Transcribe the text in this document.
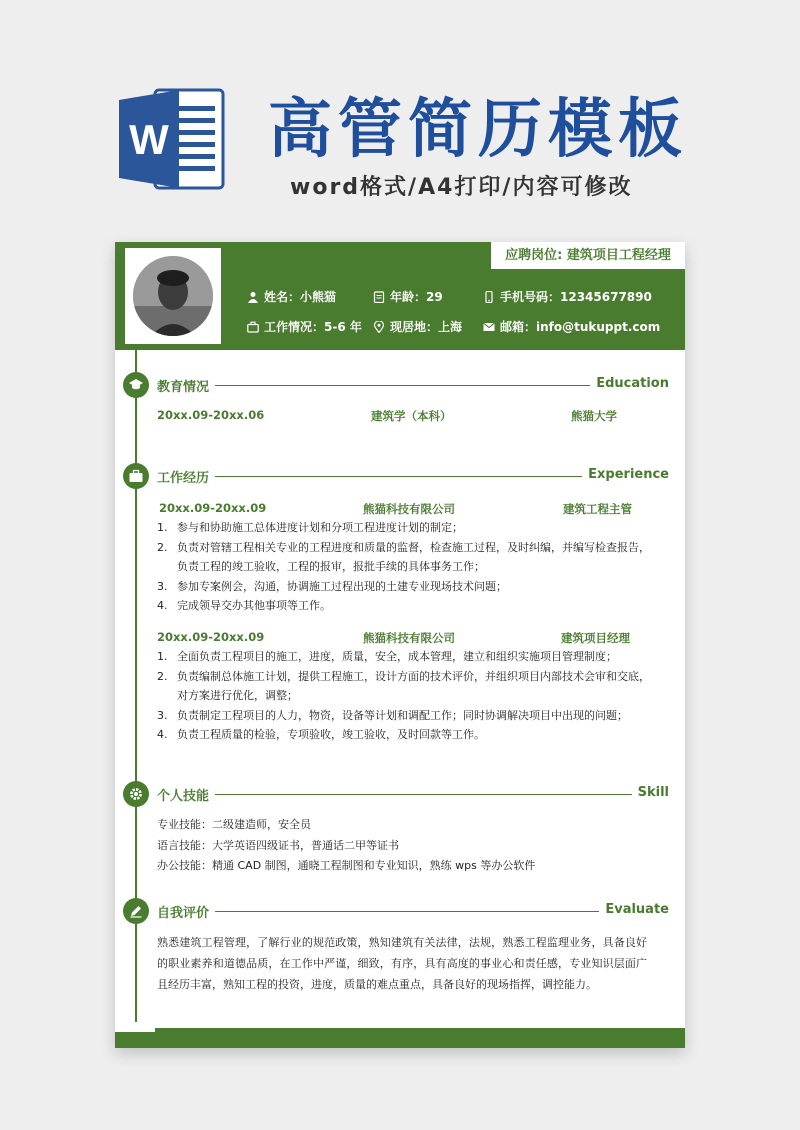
W 高管简历模板
word格式/A4打印/内容可修改
应聘岗位: 建筑项目工程经理
姓名：小熊猫	年龄：29	手机号码：12345677890
工作情况：5-6 年 现居地：上海	邮箱：info@tukuppt.com
教育情况	Education
20xx.09-20xx.06	建筑学（本科）	熊猫大学
工作经历	Experience
20xx.09-20xx.09	熊猫科技有限公司	建筑工程主管
1. 参与和协助施工总体进度计划和分项工程进度计划的制定；
2. 负责对管辖工程相关专业的工程进度和质量的监督，检查施工过程，及时纠编，并编写检查报告，负责工程的竣工验收，工程的报审，报批手续的具体事务工作；
3. 参加专案例会，沟通，协调施工过程出现的土建专业现场技术问题；
4. 完成领导交办其他事项等工作。
20xx.09-20xx.09	熊猫科技有限公司	建筑项目经理
1. 全面负责工程项目的施工，进度，质量，安全，成本管理，建立和组织实施项目管理制度；
2. 负责编制总体施工计划，提供工程施工，设计方面的技术评价，并组织项目内部技术会审和交底，对方案进行优化，调整；
3. 负责制定工程项目的人力，物资，设备等计划和调配工作；同时协调解决项目中出现的问题；
4. 负责工程质量的检验，专项验收，竣工验收，及时回款等工作。
个人技能	Skill
专业技能：二级建造师，安全员
语言技能：大学英语四级证书，普通话二甲等证书
办公技能：精通 CAD 制图，通晓工程制图和专业知识，熟练 wps 等办公软件
自我评价	Evaluate
熟悉建筑工程管理，了解行业的规范政策，熟知建筑有关法律，法规，熟悉工程监理业务，具备良好的职业素养和道德品质，在工作中严谨，细致，有序，具有高度的事业心和责任感，专业知识层面广且经历丰富，熟知工程的投资，进度，质量的难点重点，具备良好的现场指挥，调控能力。
